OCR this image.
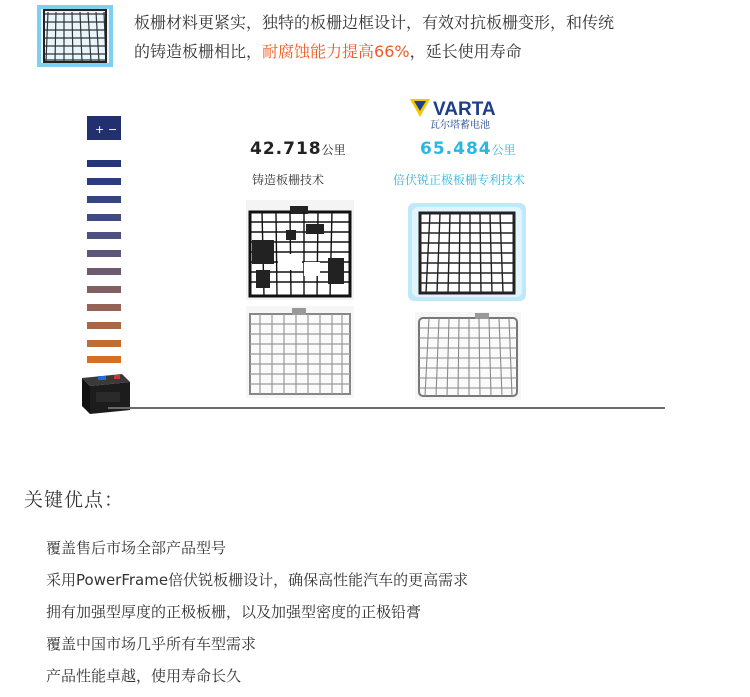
板栅材料更紧实，独特的板栅边框设计，有效对抗板栅变形，和传统
的铸造板栅相比，耐腐蚀能力提高66%，延长使用寿命
+ −
VARTA
瓦尔塔蓄电池
42.718公里
铸造板栅技术
65.484公里
倍伏锐正极板栅专利技术
关键优点：
覆盖售后市场全部产品型号
采用PowerFrame倍伏锐板栅设计，确保高性能汽车的更高需求
拥有加强型厚度的正极板栅，以及加强型密度的正极铅膏
覆盖中国市场几乎所有车型需求
产品性能卓越，使用寿命长久
